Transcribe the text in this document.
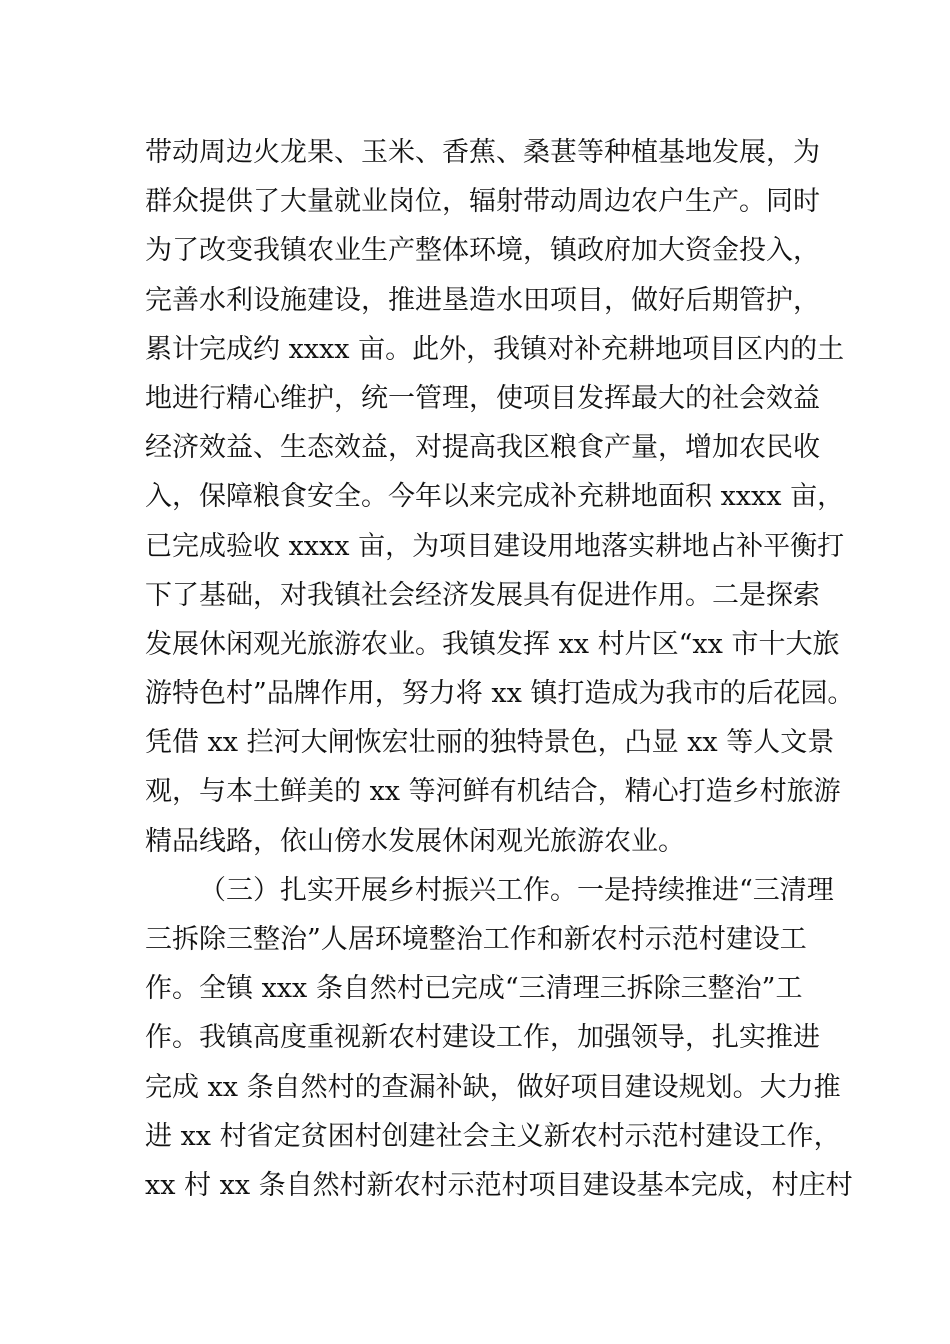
带动周边火龙果、玉米、香蕉、桑葚等种植基地发展，为
群众提供了大量就业岗位，辐射带动周边农户生产。同时
为了改变我镇农业生产整体环境，镇政府加大资金投入，
完善水利设施建设，推进垦造水田项目，做好后期管护，
累计完成约 xxxx 亩。此外，我镇对补充耕地项目区内的土
地进行精心维护，统一管理，使项目发挥最大的社会效益
经济效益、生态效益，对提高我区粮食产量，增加农民收
入，保障粮食安全。今年以来完成补充耕地面积 xxxx 亩，
已完成验收 xxxx 亩，为项目建设用地落实耕地占补平衡打
下了基础，对我镇社会经济发展具有促进作用。二是探索
发展休闲观光旅游农业。我镇发挥 xx 村片区“xx 市十大旅
游特色村”品牌作用，努力将 xx 镇打造成为我市的后花园。
凭借 xx 拦河大闸恢宏壮丽的独特景色，凸显 xx 等人文景
观，与本土鲜美的 xx 等河鲜有机结合，精心打造乡村旅游
精品线路，依山傍水发展休闲观光旅游农业。
（三）扎实开展乡村振兴工作。一是持续推进“三清理
三拆除三整治”人居环境整治工作和新农村示范村建设工
作。全镇 xxx 条自然村已完成“三清理三拆除三整治”工
作。我镇高度重视新农村建设工作，加强领导，扎实推进
完成 xx 条自然村的查漏补缺，做好项目建设规划。大力推
进 xx 村省定贫困村创建社会主义新农村示范村建设工作，
xx 村 xx 条自然村新农村示范村项目建设基本完成，村庄村
